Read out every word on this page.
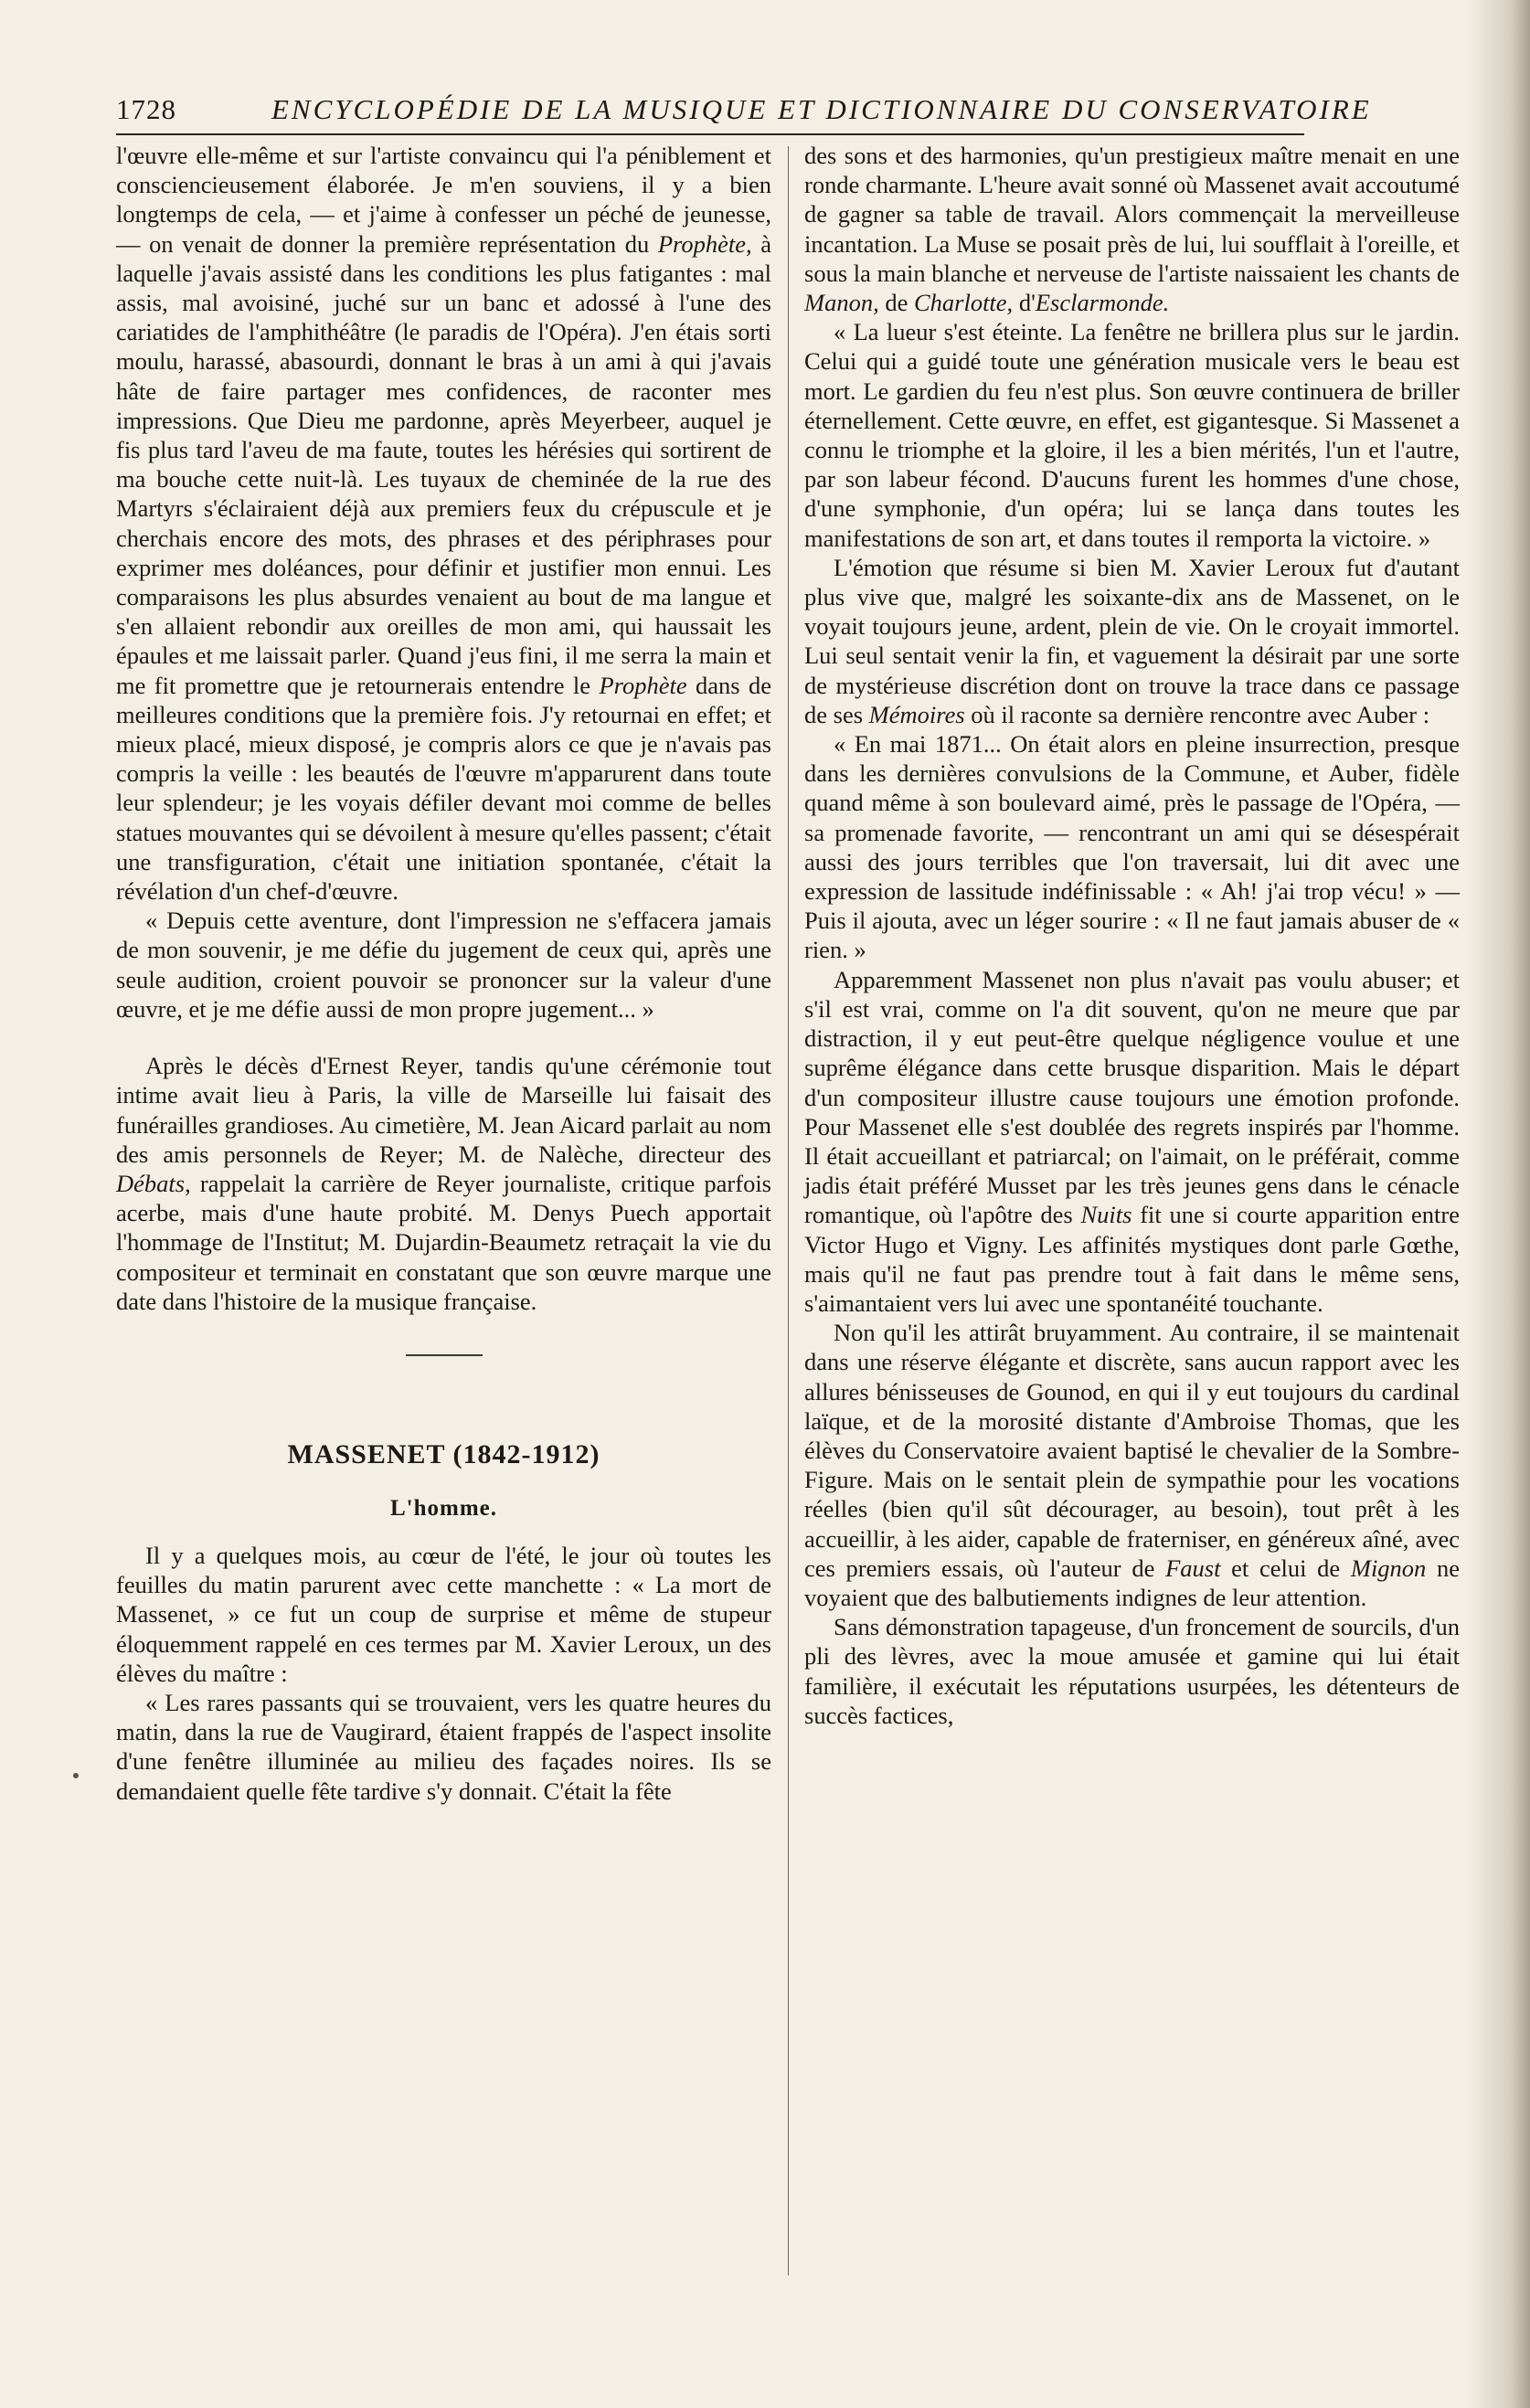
1728	ENCYCLOPÉDIE DE LA MUSIQUE ET DICTIONNAIRE DU CONSERVATOIRE

l'œuvre elle-même et sur l'artiste convaincu qui l'a péniblement et consciencieusement élaborée. Je m'en souviens, il y a bien longtemps de cela, — et j'aime à confesser un péché de jeunesse, — on venait de donner la première représentation du Prophète, à laquelle j'avais assisté dans les conditions les plus fatigantes : mal assis, mal avoisiné, juché sur un banc et adossé à l'une des cariatides de l'amphithéâtre (le paradis de l'Opéra). J'en étais sorti moulu, harassé, abasourdi, donnant le bras à un ami à qui j'avais hâte de faire partager mes confidences, de raconter mes impressions. Que Dieu me pardonne, après Meyerbeer, auquel je fis plus tard l'aveu de ma faute, toutes les hérésies qui sortirent de ma bouche cette nuit-là. Les tuyaux de cheminée de la rue des Martyrs s'éclairaient déjà aux premiers feux du crépuscule et je cherchais encore des mots, des phrases et des périphrases pour exprimer mes doléances, pour définir et justifier mon ennui. Les comparaisons les plus absurdes venaient au bout de ma langue et s'en allaient rebondir aux oreilles de mon ami, qui haussait les épaules et me laissait parler. Quand j'eus fini, il me serra la main et me fit promettre que je retournerais entendre le Prophète dans de meilleures conditions que la première fois. J'y retournai en effet; et mieux placé, mieux disposé, je compris alors ce que je n'avais pas compris la veille : les beautés de l'œuvre m'apparurent dans toute leur splendeur; je les voyais défiler devant moi comme de belles statues mouvantes qui se dévoilent à mesure qu'elles passent; c'était une transfiguration, c'était une initiation spontanée, c'était la révélation d'un chef-d'œuvre.

« Depuis cette aventure, dont l'impression ne s'effacera jamais de mon souvenir, je me défie du jugement de ceux qui, après une seule audition, croient pouvoir se prononcer sur la valeur d'une œuvre, et je me défie aussi de mon propre jugement... »

Après le décès d'Ernest Reyer, tandis qu'une cérémonie tout intime avait lieu à Paris, la ville de Marseille lui faisait des funérailles grandioses. Au cimetière, M. Jean Aicard parlait au nom des amis personnels de Reyer; M. de Nalèche, directeur des Débats, rappelait la carrière de Reyer journaliste, critique parfois acerbe, mais d'une haute probité. M. Denys Puech apportait l'hommage de l'Institut; M. Dujardin-Beaumetz retraçait la vie du compositeur et terminait en constatant que son œuvre marque une date dans l'histoire de la musique française.

MASSENET (1842-1912)
L'homme.

Il y a quelques mois, au cœur de l'été, le jour où toutes les feuilles du matin parurent avec cette manchette : « La mort de Massenet, » ce fut un coup de surprise et même de stupeur éloquemment rappelé en ces termes par M. Xavier Leroux, un des élèves du maître :

« Les rares passants qui se trouvaient, vers les quatre heures du matin, dans la rue de Vaugirard, étaient frappés de l'aspect insolite d'une fenêtre illuminée au milieu des façades noires. Ils se demandaient quelle fête tardive s'y donnait. C'était la fête

des sons et des harmonies, qu'un prestigieux maître menait en une ronde charmante. L'heure avait sonné où Massenet avait accoutumé de gagner sa table de travail. Alors commençait la merveilleuse incantation. La Muse se posait près de lui, lui soufflait à l'oreille, et sous la main blanche et nerveuse de l'artiste naissaient les chants de Manon, de Charlotte, d'Esclarmonde.

« La lueur s'est éteinte. La fenêtre ne brillera plus sur le jardin. Celui qui a guidé toute une génération musicale vers le beau est mort. Le gardien du feu n'est plus. Son œuvre continuera de briller éternellement. Cette œuvre, en effet, est gigantesque. Si Massenet a connu le triomphe et la gloire, il les a bien mérités, l'un et l'autre, par son labeur fécond. D'aucuns furent les hommes d'une chose, d'une symphonie, d'un opéra; lui se lança dans toutes les manifestations de son art, et dans toutes il remporta la victoire. »

L'émotion que résume si bien M. Xavier Leroux fut d'autant plus vive que, malgré les soixante-dix ans de Massenet, on le voyait toujours jeune, ardent, plein de vie. On le croyait immortel. Lui seul sentait venir la fin, et vaguement la désirait par une sorte de mystérieuse discrétion dont on trouve la trace dans ce passage de ses Mémoires où il raconte sa dernière rencontre avec Auber :

« En mai 1871... On était alors en pleine insurrection, presque dans les dernières convulsions de la Commune, et Auber, fidèle quand même à son boulevard aimé, près le passage de l'Opéra, — sa promenade favorite, — rencontrant un ami qui se désespérait aussi des jours terribles que l'on traversait, lui dit avec une expression de lassitude indéfinissable : « Ah! j'ai trop vécu! » — Puis il ajouta, avec un léger sourire : « Il ne faut jamais abuser de « rien. »

Apparemment Massenet non plus n'avait pas voulu abuser; et s'il est vrai, comme on l'a dit souvent, qu'on ne meure que par distraction, il y eut peut-être quelque négligence voulue et une suprême élégance dans cette brusque disparition. Mais le départ d'un compositeur illustre cause toujours une émotion profonde. Pour Massenet elle s'est doublée des regrets inspirés par l'homme. Il était accueillant et patriarcal; on l'aimait, on le préférait, comme jadis était préféré Musset par les très jeunes gens dans le cénacle romantique, où l'apôtre des Nuits fit une si courte apparition entre Victor Hugo et Vigny. Les affinités mystiques dont parle Gœthe, mais qu'il ne faut pas prendre tout à fait dans le même sens, s'aimantaient vers lui avec une spontanéité touchante.

Non qu'il les attirât bruyamment. Au contraire, il se maintenait dans une réserve élégante et discrète, sans aucun rapport avec les allures bénisseuses de Gounod, en qui il y eut toujours du cardinal laïque, et de la morosité distante d'Ambroise Thomas, que les élèves du Conservatoire avaient baptisé le chevalier de la Sombre-Figure. Mais on le sentait plein de sympathie pour les vocations réelles (bien qu'il sût décourager, au besoin), tout prêt à les accueillir, à les aider, capable de fraterniser, en généreux aîné, avec ces premiers essais, où l'auteur de Faust et celui de Mignon ne voyaient que des balbutiements indignes de leur attention.

Sans démonstration tapageuse, d'un froncement de sourcils, d'un pli des lèvres, avec la moue amusée et gamine qui lui était familière, il exécutait les réputations usurpées, les détenteurs de succès factices,
